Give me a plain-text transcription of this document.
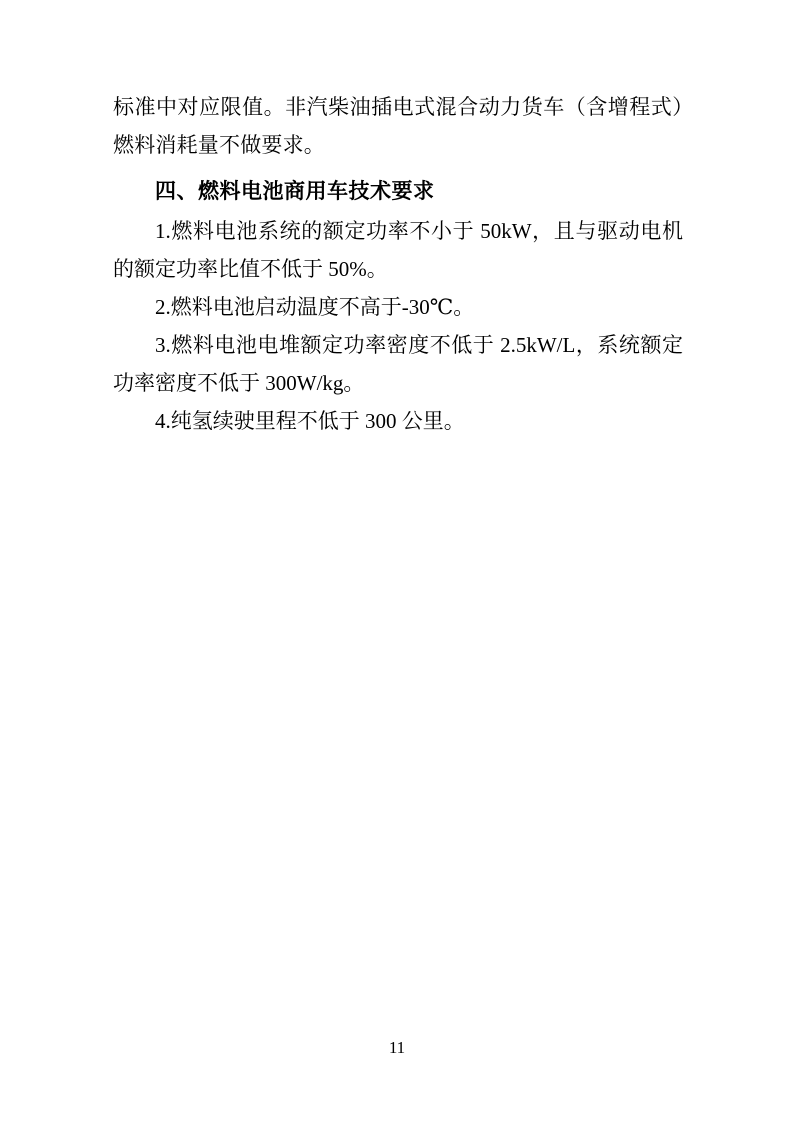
标准中对应限值。非汽柴油插电式混合动力货车（含增程式）燃料消耗量不做要求。

四、燃料电池商用车技术要求

1.燃料电池系统的额定功率不小于 50kW，且与驱动电机的额定功率比值不低于 50%。

2.燃料电池启动温度不高于-30℃。

3.燃料电池电堆额定功率密度不低于 2.5kW/L，系统额定功率密度不低于 300W/kg。

4.纯氢续驶里程不低于 300 公里。

11
